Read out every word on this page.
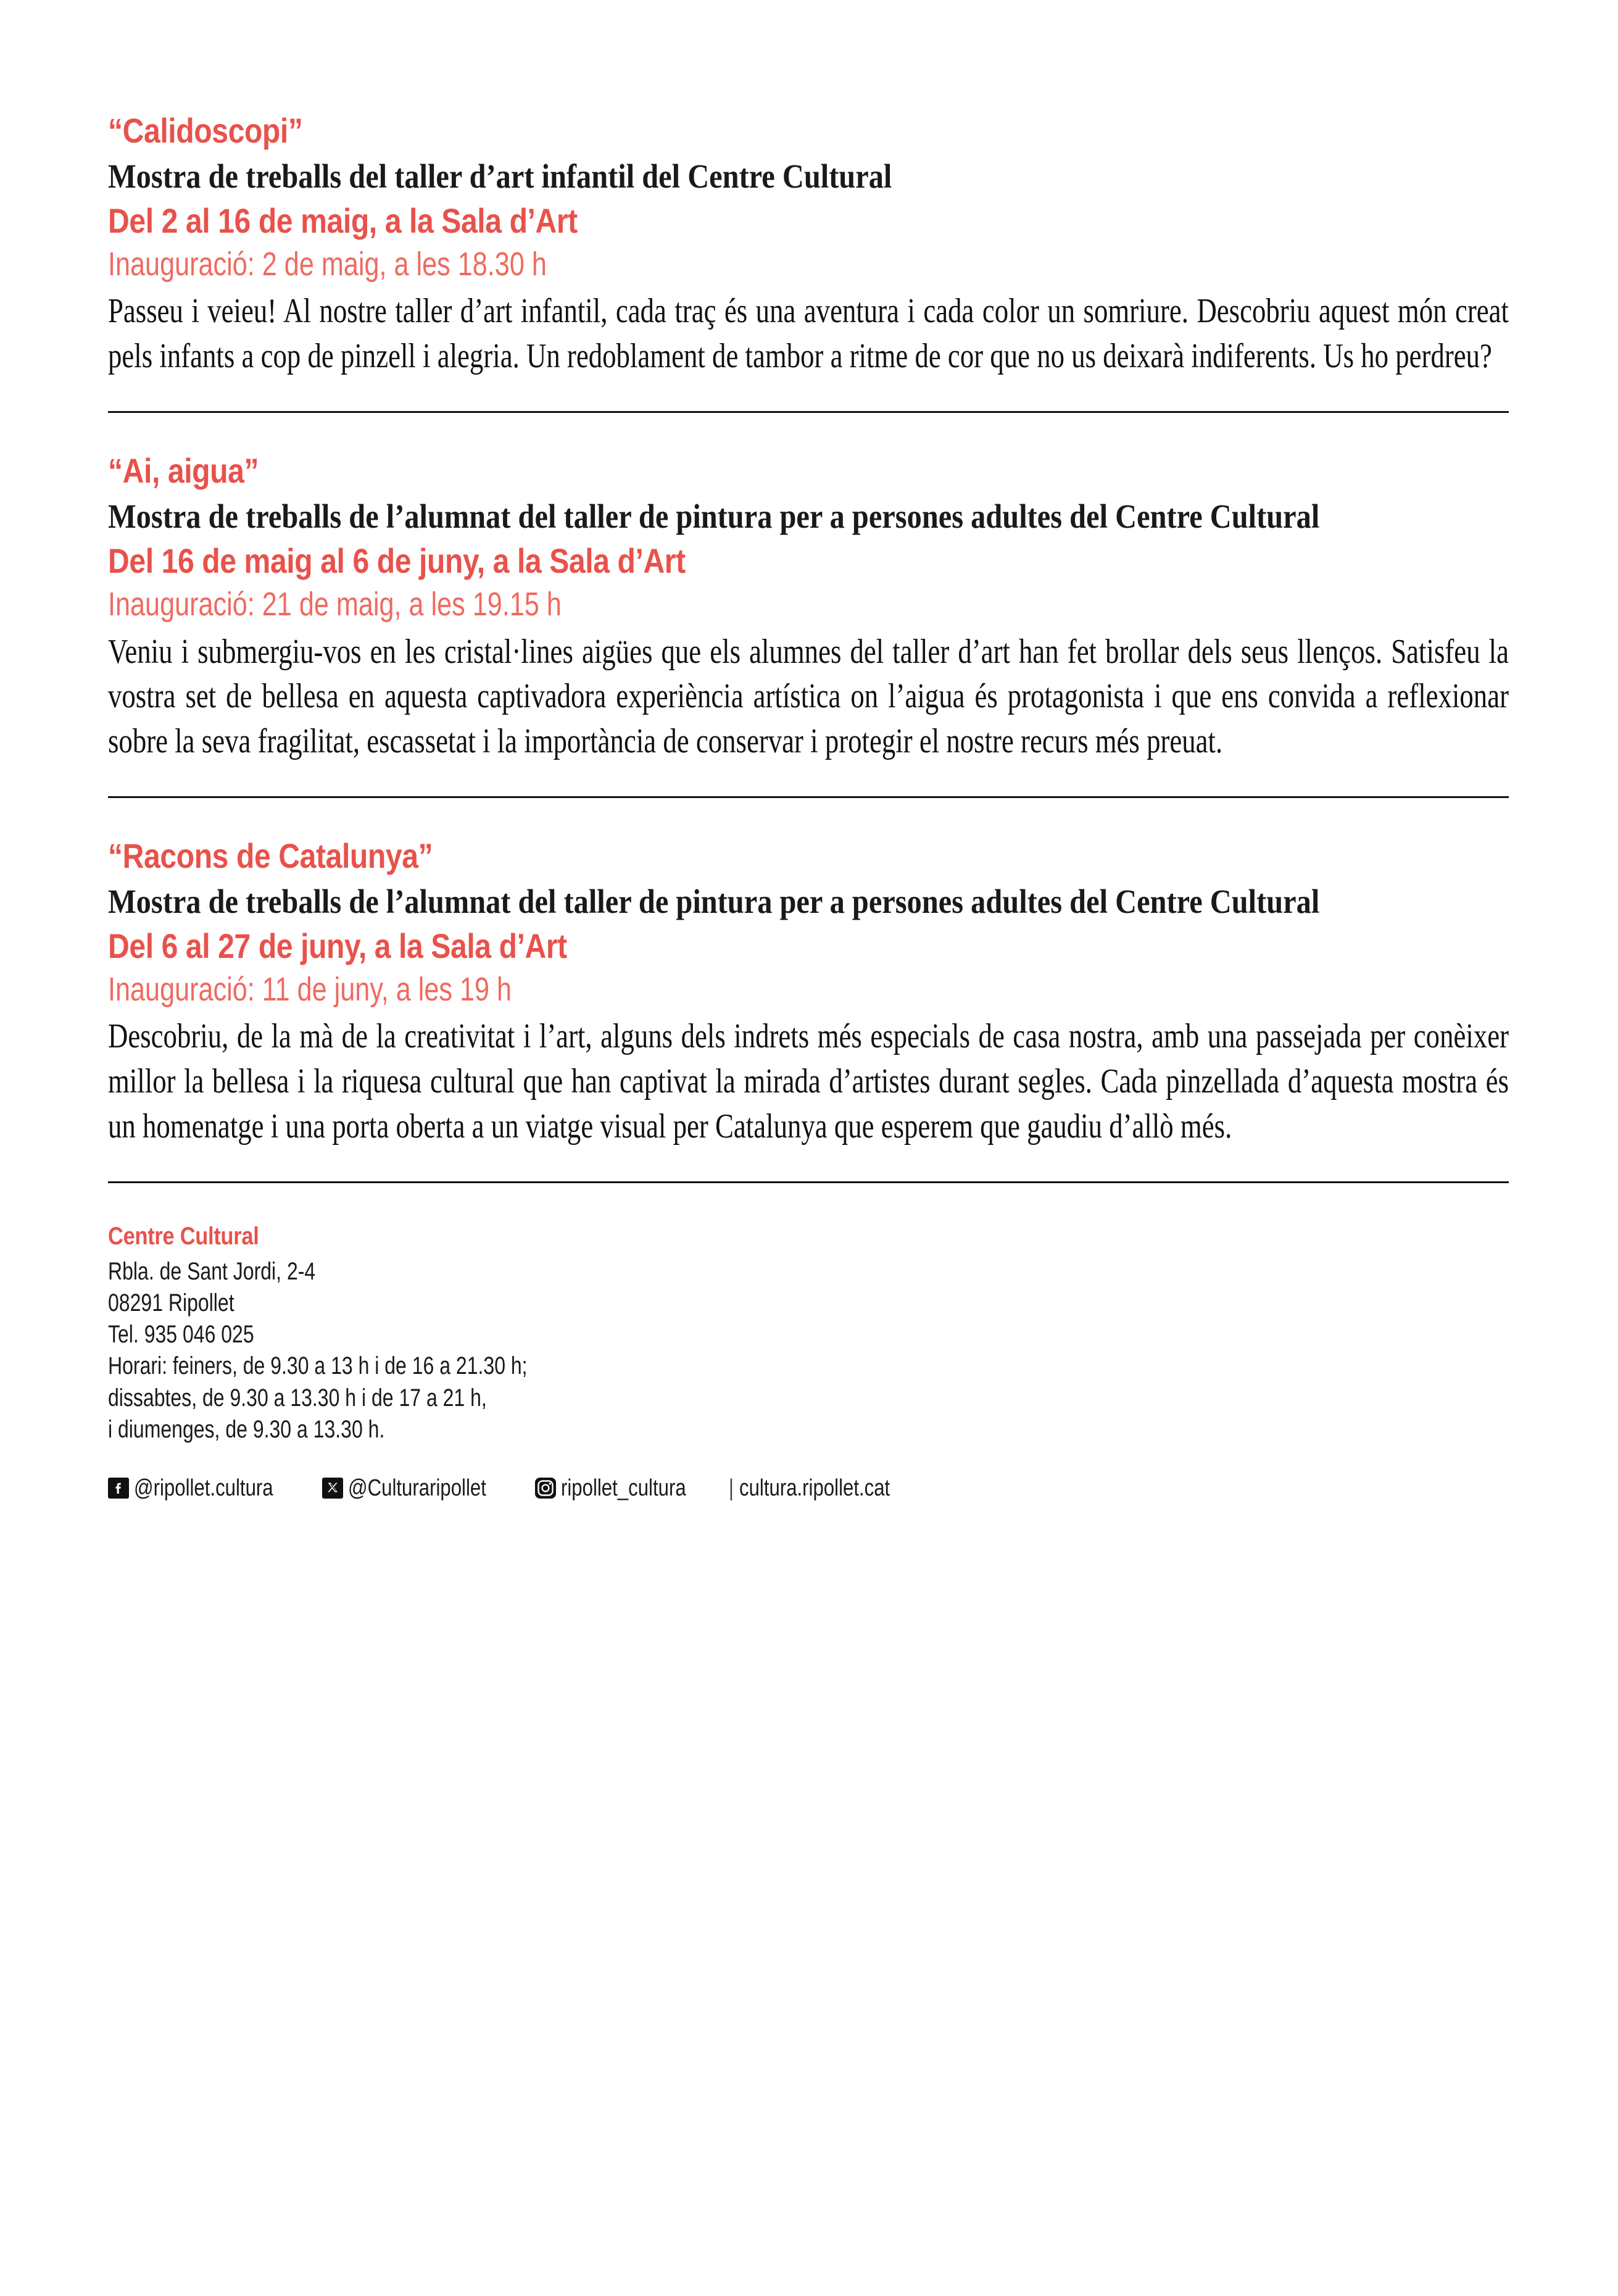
“Calidoscopi”
Mostra de treballs del taller d’art infantil del Centre Cultural
Del 2 al 16 de maig, a la Sala d’Art
Inauguració: 2 de maig, a les 18.30 h
Passeu i veieu! Al nostre taller d’art infantil, cada traç és una aventura i cada color un somriure. Descobriu aquest món creat pels infants a cop de pinzell i alegria. Un redoblament de tambor a ritme de cor que no us deixarà indiferents. Us ho perdreu?
“Ai, aigua”
Mostra de treballs de l’alumnat del taller de pintura per a persones adultes del Centre Cultural
Del 16 de maig al 6 de juny, a la Sala d’Art
Inauguració: 21 de maig, a les 19.15 h
Veniu i submergiu-vos en les cristal·lines aigües que els alumnes del taller d’art han fet brollar dels seus llenços. Satisfeu la vostra set de bellesa en aquesta captivadora experiència artística on l’aigua és protagonista i que ens convida a reflexionar sobre la seva fragilitat, escassetat i la importància de conservar i protegir el nostre recurs més preuat.
“Racons de Catalunya”
Mostra de treballs de l’alumnat del taller de pintura per a persones adultes del Centre Cultural
Del 6 al 27 de juny, a la Sala d’Art
Inauguració: 11 de juny, a les 19 h
Descobriu, de la mà de la creativitat i l’art, alguns dels indrets més especials de casa nostra, amb una passejada per conèixer millor la bellesa i la riquesa cultural que han captivat la mirada d’artistes durant segles. Cada pinzellada d’aquesta mostra és un homenatge i una porta oberta a un viatge visual per Catalunya que esperem que gaudiu d’allò més.
Centre Cultural
Rbla. de Sant Jordi, 2-4
08291 Ripollet
Tel. 935 046 025
Horari: feiners, de 9.30 a 13 h i de 16 a 21.30 h;
dissabtes, de 9.30 a 13.30 h i de 17 a 21 h,
i diumenges, de 9.30 a 13.30 h.
@ripollet.cultura	@Culturaripollet	ripollet_cultura | cultura.ripollet.cat
